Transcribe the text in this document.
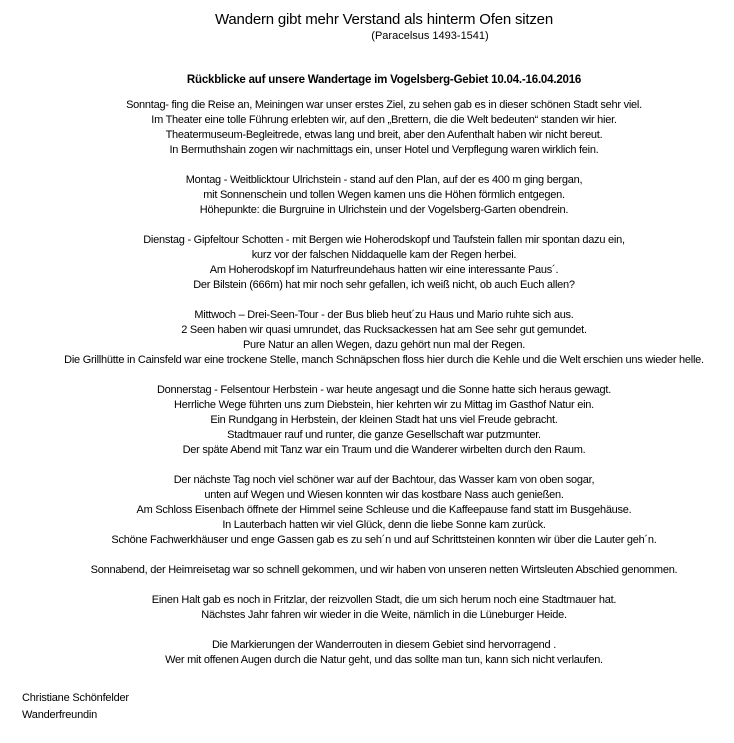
Wandern gibt mehr Verstand als hinterm Ofen sitzen
(Paracelsus 1493-1541)
Rückblicke auf unsere Wandertage im Vogelsberg-Gebiet 10.04.-16.04.2016
Sonntag- fing die Reise an, Meiningen war unser erstes Ziel, zu sehen gab es in dieser schönen Stadt sehr viel.
Im Theater eine tolle Führung erlebten wir, auf den „Brettern, die die Welt bedeuten“ standen wir hier.
Theatermuseum-Begleitrede, etwas lang und breit, aber den Aufenthalt haben wir nicht bereut.
In Bermuthshain zogen wir nachmittags ein, unser Hotel und Verpflegung waren wirklich fein.
Montag - Weitblicktour Ulrichstein - stand auf den Plan, auf der es 400 m ging bergan,
mit Sonnenschein und tollen Wegen kamen uns die Höhen förmlich entgegen.
Höhepunkte: die Burgruine in Ulrichstein und der Vogelsberg-Garten obendrein.
Dienstag - Gipfeltour Schotten - mit Bergen wie Hoherodskopf und Taufstein fallen mir spontan dazu ein,
kurz vor der falschen Niddaquelle kam der Regen herbei.
Am Hoherodskopf im Naturfreundehaus hatten wir eine interessante Paus´.
Der Bilstein (666m) hat mir noch sehr gefallen, ich weiß nicht, ob auch Euch allen?
Mittwoch – Drei-Seen-Tour - der Bus blieb heut´zu Haus und Mario ruhte sich aus.
2 Seen haben wir quasi umrundet, das Rucksackessen hat am See sehr gut gemundet.
Pure Natur an allen Wegen, dazu gehört nun mal der Regen.
Die Grillhütte in Cainsfeld war eine trockene Stelle, manch Schnäpschen floss hier durch die Kehle und die Welt erschien uns wieder helle.
Donnerstag - Felsentour Herbstein - war heute angesagt und die Sonne hatte sich heraus gewagt.
Herrliche Wege führten uns zum Diebstein, hier kehrten wir zu Mittag im Gasthof Natur ein.
Ein Rundgang in Herbstein, der kleinen Stadt hat uns viel Freude gebracht.
Stadtmauer rauf und runter, die ganze Gesellschaft war putzmunter.
Der späte Abend mit Tanz war ein Traum und die Wanderer wirbelten durch den Raum.
Der nächste Tag noch viel schöner war auf der Bachtour, das Wasser kam von oben sogar,
unten auf Wegen und Wiesen konnten wir das kostbare Nass auch genießen.
Am Schloss Eisenbach öffnete der Himmel seine Schleuse und die Kaffeepause fand statt im Busgehäuse.
In Lauterbach hatten wir viel Glück, denn die liebe Sonne kam zurück.
Schöne Fachwerkhäuser und enge Gassen gab es zu seh´n und auf Schrittsteinen konnten wir über die Lauter geh´n.
Sonnabend, der Heimreisetag war so schnell gekommen, und wir haben von unseren netten Wirtsleuten Abschied genommen.
Einen Halt gab es noch in Fritzlar, der reizvollen Stadt, die um sich herum noch eine Stadtmauer hat.
Nächstes Jahr fahren wir wieder in die Weite, nämlich in die Lüneburger Heide.
Die Markierungen der Wanderrouten in diesem Gebiet sind hervorragend .
Wer mit offenen Augen durch die Natur geht, und das sollte man tun, kann sich nicht verlaufen.
Christiane Schönfelder
Wanderfreundin
